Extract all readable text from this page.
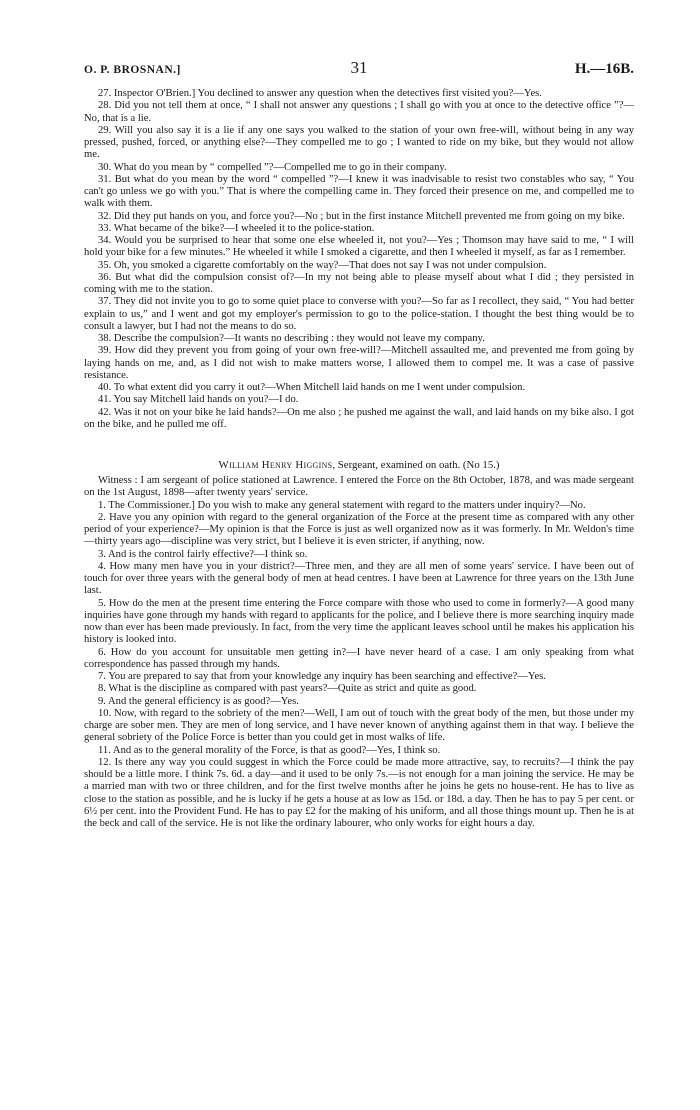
O. P. BROSNAN.]	31	H.—16B.

27. Inspector O'Brien.] You declined to answer any question when the detectives first visited you?—Yes.

28. Did you not tell them at once, “ I shall not answer any questions ; I shall go with you at once to the detective office ”?—No, that is a lie.

29. Will you also say it is a lie if any one says you walked to the station of your own free-will, without being in any way pressed, pushed, forced, or anything else?—They compelled me to go ; I wanted to ride on my bike, but they would not allow me.

30. What do you mean by “ compelled ”?—Compelled me to go in their company.

31. But what do you mean by the word “ compelled ”?—I knew it was inadvisable to resist two constables who say, “ You can't go unless we go with you.” That is where the compelling came in. They forced their presence on me, and compelled me to walk with them.

32. Did they put hands on you, and force you?—No ; but in the first instance Mitchell prevented me from going on my bike.

33. What became of the bike?—I wheeled it to the police-station.

34. Would you be surprised to hear that some one else wheeled it, not you?—Yes ; Thomson may have said to me, “ I will hold your bike for a few minutes.” He wheeled it while I smoked a cigarette, and then I wheeled it myself, as far as I remember.

35. Oh, you smoked a cigarette comfortably on the way?—That does not say I was not under compulsion.

36. But what did the compulsion consist of?—In my not being able to please myself about what I did ; they persisted in coming with me to the station.

37. They did not invite you to go to some quiet place to converse with you?—So far as I recollect, they said, “ You had better explain to us,” and I went and got my employer's permission to go to the police-station. I thought the best thing would be to consult a lawyer, but I had not the means to do so.

38. Describe the compulsion?—It wants no describing : they would not leave my company.

39. How did they prevent you from going of your own free-will?—Mitchell assaulted me, and prevented me from going by laying hands on me, and, as I did not wish to make matters worse, I allowed them to compel me. It was a case of passive resistance.

40. To what extent did you carry it out?—When Mitchell laid hands on me I went under compulsion.

41. You say Mitchell laid hands on you?—I do.

42. Was it not on your bike he laid hands?—On me also ; he pushed me against the wall, and laid hands on my bike also. I got on the bike, and he pulled me off.

William Henry Higgins, Sergeant, examined on oath. (No 15.)

Witness : I am sergeant of police stationed at Lawrence. I entered the Force on the 8th October, 1878, and was made sergeant on the 1st August, 1898—after twenty years' service.

1. The Commissioner.] Do you wish to make any general statement with regard to the matters under inquiry?—No.

2. Have you any opinion with regard to the general organization of the Force at the present time as compared with any other period of your experience?—My opinion is that the Force is just as well organized now as it was formerly. In Mr. Weldon's time—thirty years ago—discipline was very strict, but I believe it is even stricter, if anything, now.

3. And is the control fairly effective?—I think so.

4. How many men have you in your district?—Three men, and they are all men of some years' service. I have been out of touch for over three years with the general body of men at head centres. I have been at Lawrence for three years on the 13th June last.

5. How do the men at the present time entering the Force compare with those who used to come in formerly?—A good many inquiries have gone through my hands with regard to applicants for the police, and I believe there is more searching inquiry made now than ever has been made previously. In fact, from the very time the applicant leaves school until he makes his application his history is looked into.

6. How do you account for unsuitable men getting in?—I have never heard of a case. I am only speaking from what correspondence has passed through my hands.

7. You are prepared to say that from your knowledge any inquiry has been searching and effective?—Yes.

8. What is the discipline as compared with past years?—Quite as strict and quite as good.

9. And the general efficiency is as good?—Yes.

10. Now, with regard to the sobriety of the men?—Well, I am out of touch with the great body of the men, but those under my charge are sober men. They are men of long service, and I have never known of anything against them in that way. I believe the general sobriety of the Police Force is better than you could get in most walks of life.

11. And as to the general morality of the Force, is that as good?—Yes, I think so.

12. Is there any way you could suggest in which the Force could be made more attractive, say, to recruits?—I think the pay should be a little more. I think 7s. 6d. a day—and it used to be only 7s.—is not enough for a man joining the service. He may be a married man with two or three children, and for the first twelve months after he joins he gets no house-rent. He has to live as close to the station as possible, and he is lucky if he gets a house at as low as 15d. or 18d. a day. Then he has to pay 5 per cent. or 6½ per cent. into the Provident Fund. He has to pay £2 for the making of his uniform, and all those things mount up. Then he is at the beck and call of the service. He is not like the ordinary labourer, who only works for eight hours a day.
